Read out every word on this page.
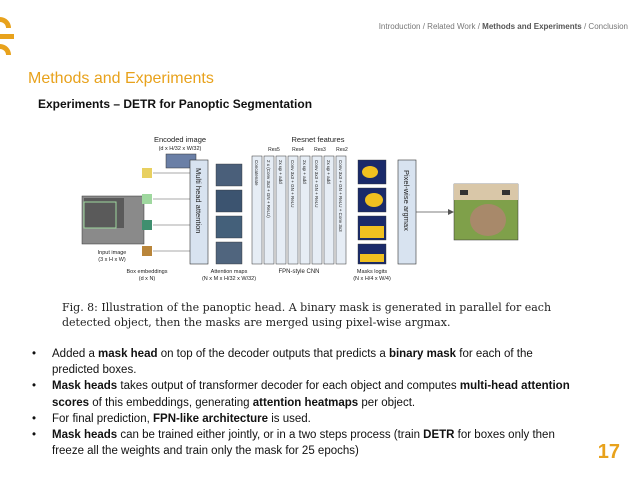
Introduction / Related Work / Methods and Experiments / Conclusion
Methods and Experiments
Experiments – DETR for Panoptic Segmentation
Encoded image
(d x H/32 x W/32)
Resnet features
Res5 Res4 Res3 Res2
Input image
(3 x H x W)
Box embeddings
(d x N)
Multi head attention
Attention maps
(N x M x H/32 x W/32)
Concatenate 2 x (Conv 3x3 + GN + ReLU) 2x up + add Conv 3x3 + GN + ReLU 2x up + add Conv 3x3 + GN + ReLU 2x up + add Conv 3x3 + GN + ReLU + Conv 3x3
FPN-style CNN	Masks logits
(N x H/4 x W/4)
Pixel-wise argmax
Fig. 8: Illustration of the panoptic head. A binary mask is generated in parallel for each detected object, then the masks are merged using pixel-wise argmax.
• Added a mask head on top of the decoder outputs that predicts a binary mask for each of the predicted boxes.
• Mask heads takes output of transformer decoder for each object and computes multi-head attention scores of this embeddings, generating attention heatmaps per object.
• For final prediction, FPN-like architecture is used.
• Mask heads can be trained either jointly, or in a two steps process (train DETR for boxes only then freeze all the weights and train only the mask for 25 epochs)	17
